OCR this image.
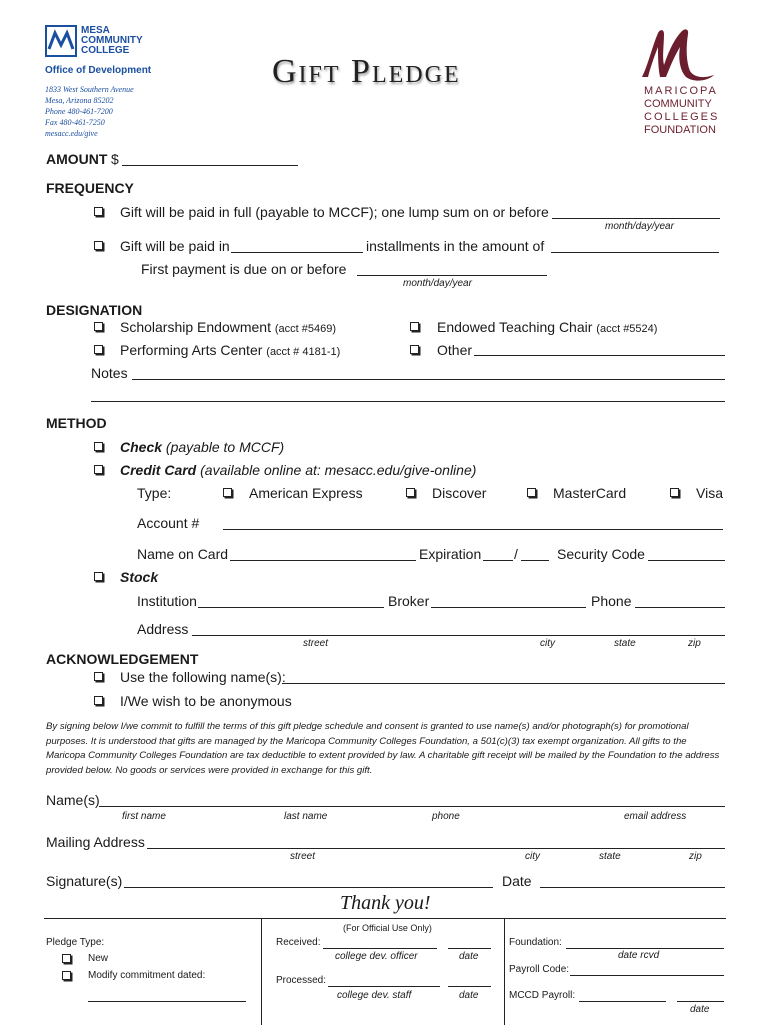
MESA
COMMUNITY
COLLEGE
Office of Development
1833 West Southern Avenue
Mesa, Arizona 85202
Phone 480-461-7200
Fax 480-461-7250
mesacc.edu/give
Gift Pledge
MARICOPA
COMMUNITY
COLLEGES
FOUNDATION
AMOUNT $
FREQUENCY
Gift will be paid in full (payable to MCCF); one lump sum on or before
month/day/year
Gift will be paid in	installments in the amount of
First payment is due on or before
month/day/year
DESIGNATION
Scholarship Endowment (acct #5469)
Performing Arts Center (acct # 4181-1)
Endowed Teaching Chair (acct #5524)
Other
Notes
METHOD
Check (payable to MCCF)
Credit Card (available online at: mesacc.edu/give-online)
Type:	American Express	Discover	MasterCard	Visa
Account #
Name on Card	Expiration /	Security Code
Stock
Institution	Broker	Phone
Address
street	city	state	zip
ACKNOWLEDGEMENT
Use the following name(s):
I/We wish to be anonymous
By signing below I/we commit to fulfill the terms of this gift pledge schedule and consent is granted to use name(s) and/or photograph(s) for promotional purposes. It is understood that gifts are managed by the Maricopa Community Colleges Foundation, a 501(c)(3) tax exempt organization. All gifts to the Maricopa Community Colleges Foundation are tax deductible to extent provided by law. A charitable gift receipt will be mailed by the Foundation to the address provided below. No goods or services were provided in exchange for this gift.
Name(s)
first name	last name	phone	email address
Mailing Address
street	city	state	zip
Signature(s)	Date
Thank you!
(For Official Use Only)
Pledge Type:
New
Modify commitment dated:
Received:
college dev. officer	date
Processed:
college dev. staff	date
Foundation:
date rcvd
Payroll Code:
MCCD Payroll:
date
